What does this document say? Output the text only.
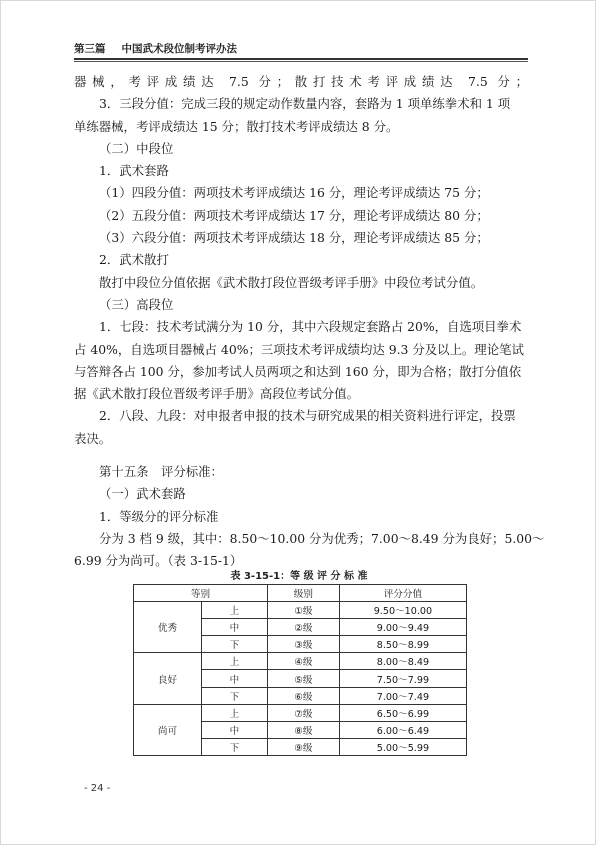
第三篇 中国武术段位制考评办法

器械，考评成绩达 7.5 分；散打技术考评成绩达 7.5 分；

3．三段分值：完成三段的规定动作数量内容，套路为 1 项单练拳术和 1 项

单练器械，考评成绩达 15 分；散打技术考评成绩达 8 分。

（二）中段位

1．武术套路

（1）四段分值：两项技术考评成绩达 16 分，理论考评成绩达 75 分；

（2）五段分值：两项技术考评成绩达 17 分，理论考评成绩达 80 分；

（3）六段分值：两项技术考评成绩达 18 分，理论考评成绩达 85 分；

2．武术散打

散打中段位分值依据《武术散打段位晋级考评手册》中段位考试分值。

（三）高段位

1．七段：技术考试满分为 10 分，其中六段规定套路占 20%，自选项目拳术

占 40%，自选项目器械占 40%；三项技术考评成绩均达 9.3 分及以上。理论笔试

与答辩各占 100 分，参加考试人员两项之和达到 160 分，即为合格；散打分值依

据《武术散打段位晋级考评手册》高段位考试分值。

2．八段、九段：对申报者申报的技术与研究成果的相关资料进行评定，投票

表决。

第十五条　评分标准：

（一）武术套路

1．等级分的评分标准

分为 3 档 9 级，其中：8.50～10.00 分为优秀；7.00～8.49 分为良好；5.00～

6.99 分为尚可。（表 3-15-1）

表 3-15-1：等 级 评 分 标 准
等别		级别	评分分值
优秀	上	①级	9.50～10.00
	中	②级	9.00～9.49
	下	③级	8.50～8.99
良好	上	④级	8.00～8.49
	中	⑤级	7.50～7.99
	下	⑥级	7.00～7.49
尚可	上	⑦级	6.50～6.99
	中	⑧级	6.00～6.49
	下	⑨级	5.00～5.99
- 24 -
